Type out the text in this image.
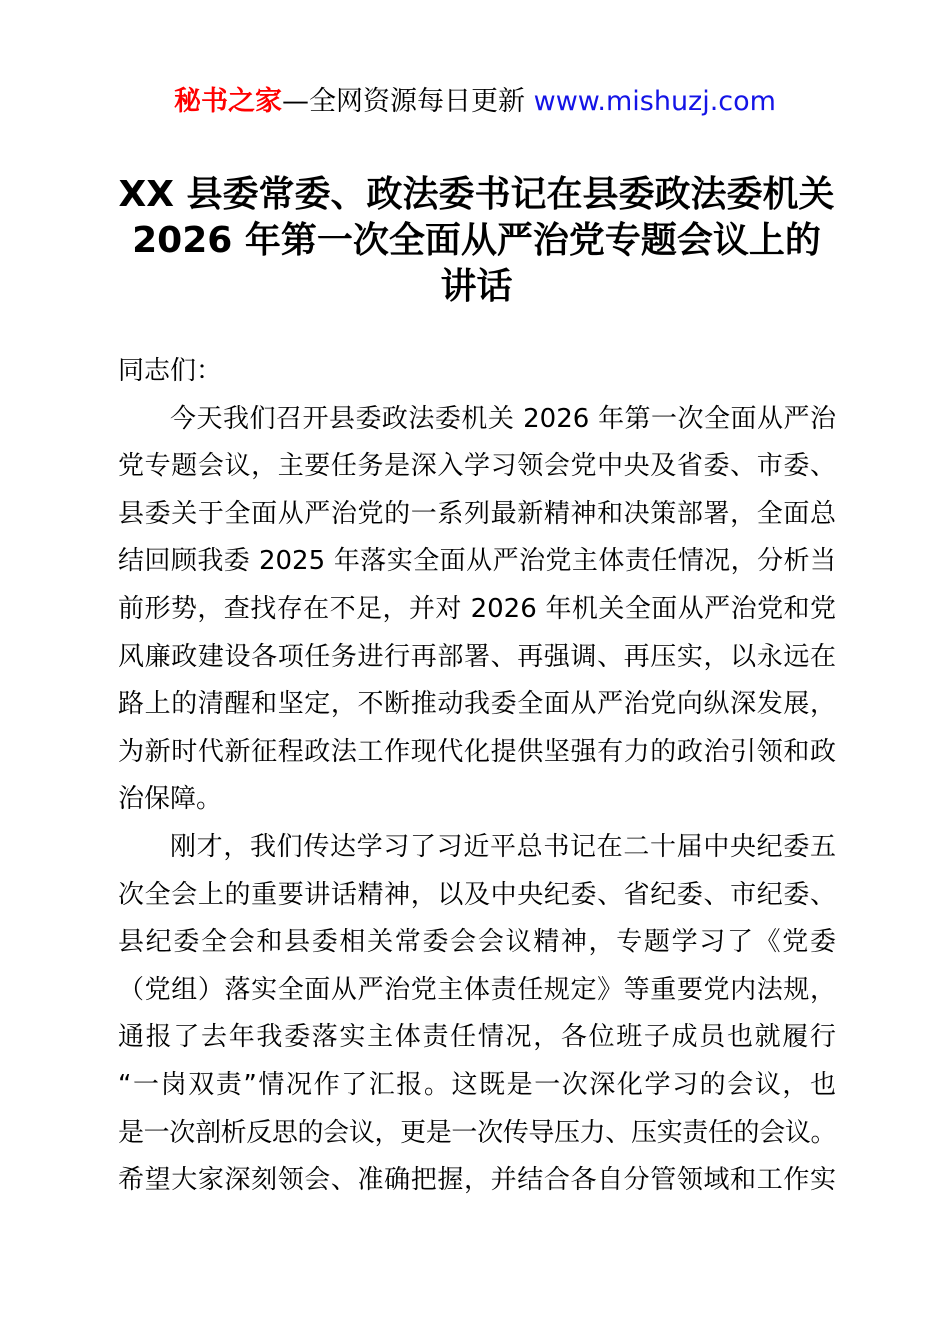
秘书之家—全网资源每日更新 www.mishuzj.com
XX 县委常委、政法委书记在县委政法委机关
2026 年第一次全面从严治党专题会议上的
讲话
同志们：
今天我们召开县委政法委机关 2026 年第一次全面从严治
党专题会议，主要任务是深入学习领会党中央及省委、市委、
县委关于全面从严治党的一系列最新精神和决策部署，全面总
结回顾我委 2025 年落实全面从严治党主体责任情况，分析当
前形势，查找存在不足，并对 2026 年机关全面从严治党和党
风廉政建设各项任务进行再部署、再强调、再压实，以永远在
路上的清醒和坚定，不断推动我委全面从严治党向纵深发展，
为新时代新征程政法工作现代化提供坚强有力的政治引领和政
治保障。
刚才，我们传达学习了习近平总书记在二十届中央纪委五
次全会上的重要讲话精神，以及中央纪委、省纪委、市纪委、
县纪委全会和县委相关常委会会议精神，专题学习了《党委
（党组）落实全面从严治党主体责任规定》等重要党内法规，
通报了去年我委落实主体责任情况，各位班子成员也就履行
“一岗双责”情况作了汇报。这既是一次深化学习的会议，也
是一次剖析反思的会议，更是一次传导压力、压实责任的会议。
希望大家深刻领会、准确把握，并结合各自分管领域和工作实
